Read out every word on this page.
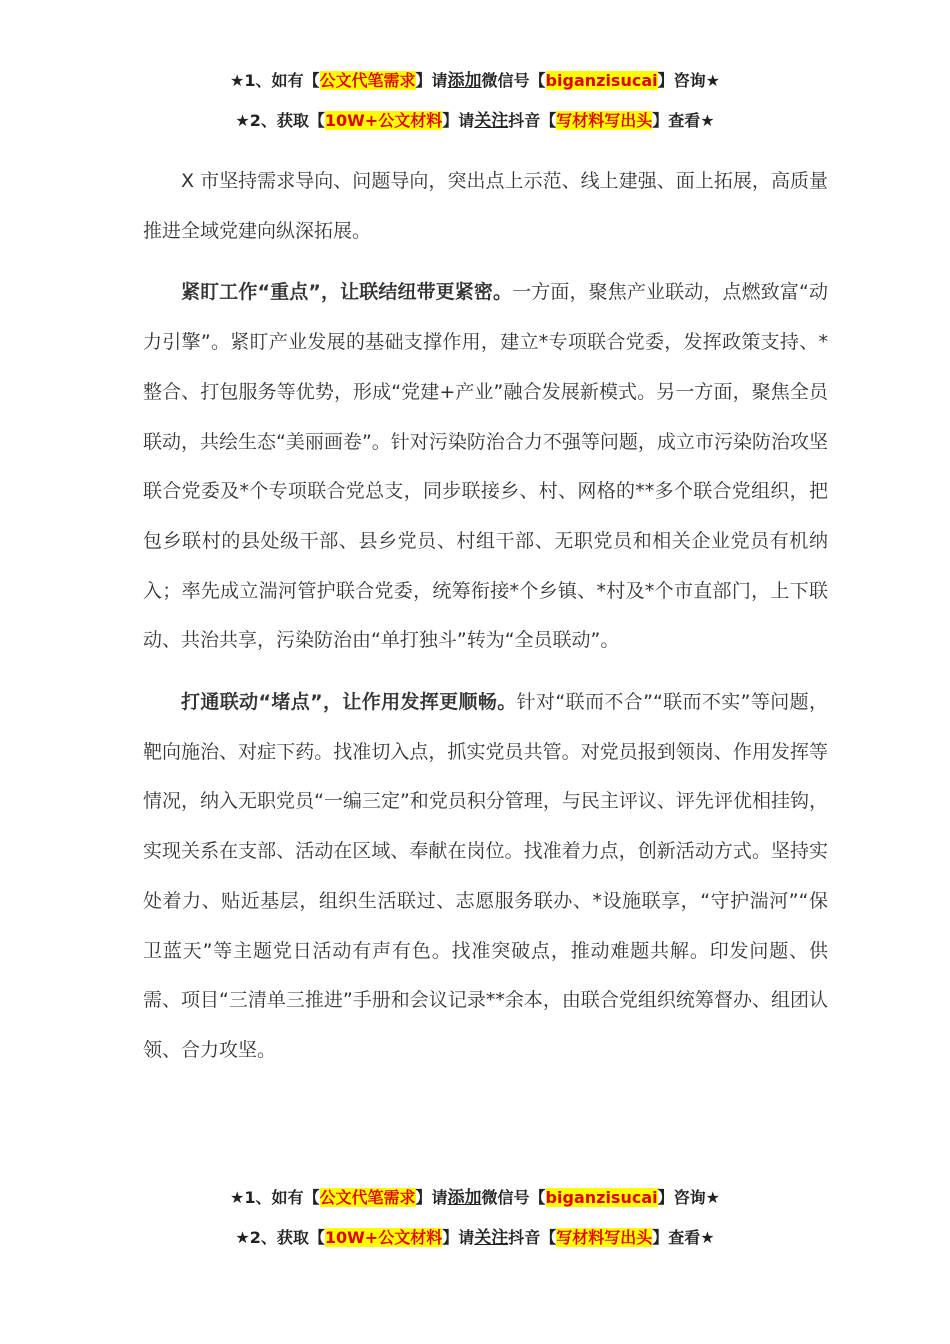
★1、如有【公文代笔需求】请添加微信号【biganzisucai】咨询★
★2、获取【10W+公文材料】请关注抖音【写材料写出头】查看★

X 市坚持需求导向、问题导向，突出点上示范、线上建强、面上拓展，高质量推进全域党建向纵深拓展。

紧盯工作“重点”，让联结纽带更紧密。一方面，聚焦产业联动，点燃致富“动力引擎”。紧盯产业发展的基础支撑作用，建立*专项联合党委，发挥政策支持、*整合、打包服务等优势，形成“党建+产业”融合发展新模式。另一方面，聚焦全员联动，共绘生态“美丽画卷”。针对污染防治合力不强等问题，成立市污染防治攻坚联合党委及*个专项联合党总支，同步联接乡、村、网格的**多个联合党组织，把包乡联村的县处级干部、县乡党员、村组干部、无职党员和相关企业党员有机纳入；率先成立湍河管护联合党委，统筹衔接*个乡镇、*村及*个市直部门，上下联动、共治共享，污染防治由“单打独斗”转为“全员联动”。

打通联动“堵点”，让作用发挥更顺畅。针对“联而不合”“联而不实”等问题，靶向施治、对症下药。找准切入点，抓实党员共管。对党员报到领岗、作用发挥等情况，纳入无职党员“一编三定”和党员积分管理，与民主评议、评先评优相挂钩，实现关系在支部、活动在区域、奉献在岗位。找准着力点，创新活动方式。坚持实处着力、贴近基层，组织生活联过、志愿服务联办、*设施联享，“守护湍河”“保卫蓝天”等主题党日活动有声有色。找准突破点，推动难题共解。印发问题、供需、项目“三清单三推进”手册和会议记录**余本，由联合党组织统筹督办、组团认领、合力攻坚。

★1、如有【公文代笔需求】请添加微信号【biganzisucai】咨询★
★2、获取【10W+公文材料】请关注抖音【写材料写出头】查看★
